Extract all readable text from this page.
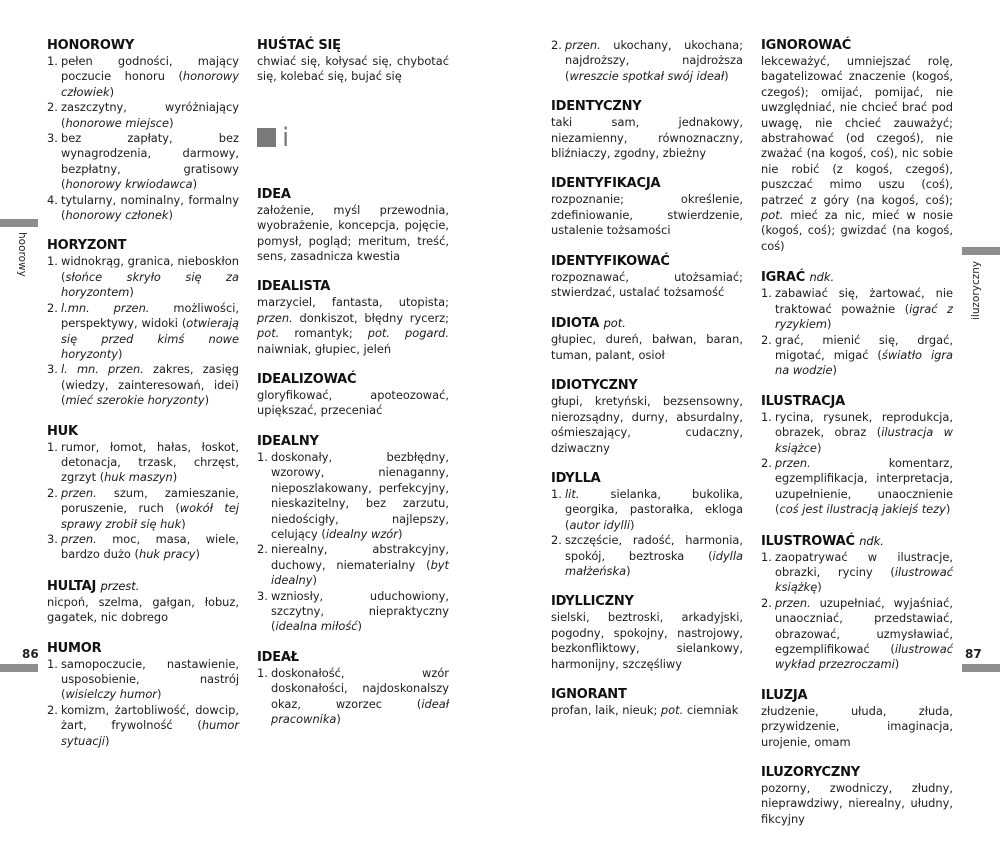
hoorowy
HONOROWY
1. pełen godności, mający poczucie honoru (honorowy człowiek)
2. zaszczytny, wyróżniający (honorowe miejsce)
3. bez zapłaty, bez wynagrodzenia, darmowy, bezpłatny, gratisowy (honorowy krwiodawca)
4. tytularny, nominalny, formalny (honorowy członek)
HORYZONT
1. widnokrąg, granica, nieboskłon (słońce skryło się za horyzontem)
2. l.mn. przen. możliwości, perspektywy, widoki (otwierają się przed kimś nowe horyzonty)
3. l. mn. przen. zakres, zasięg (wiedzy, zainteresowań, idei) (mieć szerokie horyzonty)
HUK
1. rumor, łomot, hałas, łoskot, detonacja, trzask, chrzęst, zgrzyt (huk maszyn)
2. przen. szum, zamieszanie, poruszenie, ruch (wokół tej sprawy zrobił się huk)
3. przen. moc, masa, wiele, bardzo dużo (huk pracy)
HULTAJ przest.
nicpoń, szelma, gałgan, łobuz, gagatek, nic dobrego
HUMOR
1. samopoczucie, nastawienie, usposobienie, nastrój (wisielczy humor)
2. komizm, żartobliwość, dowcip, żart, frywolność (humor sytuacji)
HUŚTAĆ SIĘ
chwiać się, kołysać się, chybotać się, kolebać się, bujać się
i
IDEA
założenie, myśl przewodnia, wyobrażenie, koncepcja, pojęcie, pomysł, pogląd; meritum, treść, sens, zasadnicza kwestia
IDEALISTA
marzyciel, fantasta, utopista; przen. donkiszot, błędny rycerz; pot. romantyk; pot. pogard. naiwniak, głupiec, jeleń
IDEALIZOWAĆ
gloryfikować, apoteozować, upiększać, przeceniać
IDEALNY
1. doskonały, bezbłędny, wzorowy, nienaganny, nieposzlakowany, perfekcyjny, nieskazitelny, bez zarzutu, niedościgły, najlepszy, celujący (idealny wzór)
2. nierealny, abstrakcyjny, duchowy, niematerialny (byt idealny)
3. wzniosły, uduchowiony, szczytny, niepraktyczny (idealna miłość)
IDEAŁ
1. doskonałość, wzór doskonałości, najdoskonalszy okaz, wzorzec (ideał pracownika)
86
2. przen. ukochany, ukochana; najdroższy, najdroższa (wreszcie spotkał swój ideał)
IDENTYCZNY
taki sam, jednakowy, niezamienny, równoznaczny, bliźniaczy, zgodny, zbieżny
IDENTYFIKACJA
rozpoznanie; określenie, zdefiniowanie, stwierdzenie, ustalenie tożsamości
IDENTYFIKOWAĆ
rozpoznawać, utożsamiać; stwierdzać, ustalać tożsamość
IDIOTA pot.
głupiec, dureń, bałwan, baran, tuman, palant, osioł
IDIOTYCZNY
głupi, kretyński, bezsensowny, nierozsądny, durny, absurdalny, ośmieszający, cudaczny, dziwaczny
IDYLLA
1. lit. sielanka, bukolika, georgika, pastorałka, ekloga (autor idylli)
2. szczęście, radość, harmonia, spokój, beztroska (idylla małżeńska)
IDYLLICZNY
sielski, beztroski, arkadyjski, pogodny, spokojny, nastrojowy, bezkonfliktowy, sielankowy, harmonijny, szczęśliwy
IGNORANT
profan, laik, nieuk; pot. ciemniak
IGNOROWAĆ
lekceważyć, umniejszać rolę, bagatelizować znaczenie (kogoś, czegoś); omijać, pomijać, nie uwzględniać, nie chcieć brać pod uwagę, nie chcieć zauważyć; abstrahować (od czegoś), nie zważać (na kogoś, coś), nic sobie nie robić (z kogoś, czegoś), puszczać mimo uszu (coś), patrzeć z góry (na kogoś, coś); pot. mieć za nic, mieć w nosie (kogoś, coś); gwizdać (na kogoś, coś)
IGRAĆ ndk.
1. zabawiać się, żartować, nie traktować poważnie (igrać z ryzykiem)
2. grać, mienić się, drgać, migotać, migać (światło igra na wodzie)
ILUSTRACJA
1. rycina, rysunek, reprodukcja, obrazek, obraz (ilustracja w książce)
2. przen. komentarz, egzemplifikacja, interpretacja, uzupełnienie, unaocznienie (coś jest ilustracją jakiejś tezy)
ILUSTROWAĆ ndk.
1. zaopatrywać w ilustracje, obrazki, ryciny (ilustrować książkę)
2. przen. uzupełniać, wyjaśniać, unaoczniać, przedstawiać, obrazować, uzmysławiać, egzemplifikować (ilustrować wykład przezroczami)
ILUZJA
złudzenie, ułuda, złuda, przywidzenie, imaginacja, urojenie, omam
ILUZORYCZNY
pozorny, zwodniczy, złudny, nieprawdziwy, nierealny, ułudny, fikcyjny
iluzoryczny
87
